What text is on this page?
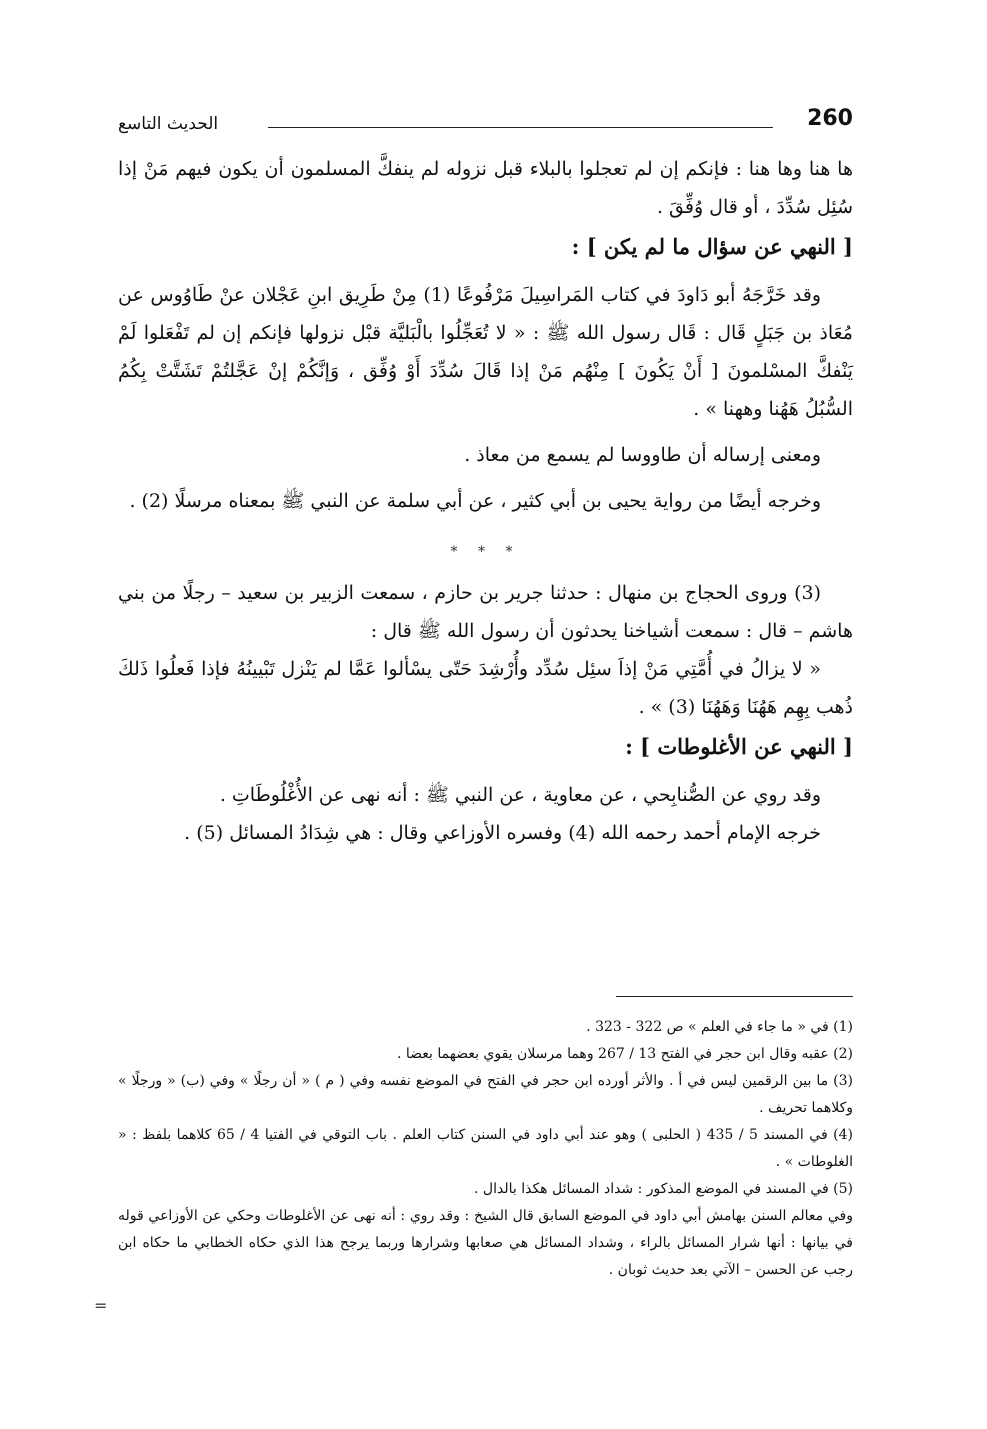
الحديث التاسع	260

ها هنا وها هنا : فإنكم إن لم تعجلوا بالبلاء قبل نزوله لم ينفكَّ المسلمون أن يكون فيهم مَنْ إذا سُئِل سُدِّدَ ، أو قال وُفِّقَ .

[ النهي عن سؤال ما لم يكن ] :

وقد خَرَّجَهُ أبو دَاودَ في كتاب المَراسِيلَ مَرْفُوعًا (1) مِنْ طَرِيق ابنِ عَجْلان عنْ طَاوُوس عن مُعَاذ بن جَبَلٍ قَال : قَال رسول الله ﷺ : « لا تُعَجِّلُوا بالْبَليَّة قبْل نزولها فإنكم إن لم تَفْعَلوا لَمْ يَنْفكَّ المسْلمونَ [ أَنْ يَكُونَ ] مِنْهُم مَنْ إذا قَالَ سُدِّدَ أَوْ وُفِّق ، وَإنَّكُمْ إنْ عَجَّلتُمْ تَشَتَّتْ بِكُمُ السُّبُلُ هَهُنا وههنا » .

ومعنى إرساله أن طاووسا لم يسمع من معاذ .

وخرجه أيضًا من رواية يحيى بن أبي كثير ، عن أبي سلمة عن النبي ﷺ بمعناه مرسلًا (2) .

* * *

(3) وروى الحجاج بن منهال : حدثنا جرير بن حازم ، سمعت الزبير بن سعيد – رجلًا من بني هاشم – قال : سمعت أشياخنا يحدثون أن رسول الله ﷺ قال :

« لا يزالُ في أُمَّتِي مَنْ إذاَ سئِل سُدِّد وأُرْشِدَ حَتّى يسْألوا عَمَّا لم يَنْزل تَبْيينُهُ فإذا فَعلُوا ذَلكَ ذُهب بِهِم هَهُنَا وَهَهُنَا (3) » .

[ النهي عن الأغلوطات ] :

وقد روي عن الصُّنابِحي ، عن معاوية ، عن النبي ﷺ : أنه نهى عن الأُغْلُوطَاتِ .

خرجه الإمام أحمد رحمه الله (4) وفسره الأوزاعي وقال : هي شِدَادُ المسائل (5) .

(1) في « ما جاء في العلم » ص 322 - 323 .

(2) عقبه وقال ابن حجر في الفتح 13 / 267 وهما مرسلان يقوي بعضهما بعضا .

(3) ما بين الرقمين ليس في أ . والأثر أورده ابن حجر في الفتح في الموضع نفسه وفي ( م ) « أن رجلًا » وفي (ب) « ورجلًا » وكلاهما تحريف .

(4) في المسند 5 / 435 ( الحلبى ) وهو عند أبي داود في السنن كتاب العلم . باب التوقي في الفتيا 4 / 65 كلاهما بلفظ : « الغلوطات » .

(5) في المسند في الموضع المذكور : شداد المسائل هكذا بالدال .

وفي معالم السنن بهامش أبي داود في الموضع السابق قال الشيخ : وقد روي : أنه نهى عن الأغلوطات وحكي عن الأوزاعي قوله في بيانها : أنها شرار المسائل بالراء ، وشداد المسائل هي صعابها وشرارها وربما يرجح هذا الذي حكاه الخطابي ما حكاه ابن رجب عن الحسن – الآتي بعد حديث ثوبان .

=
